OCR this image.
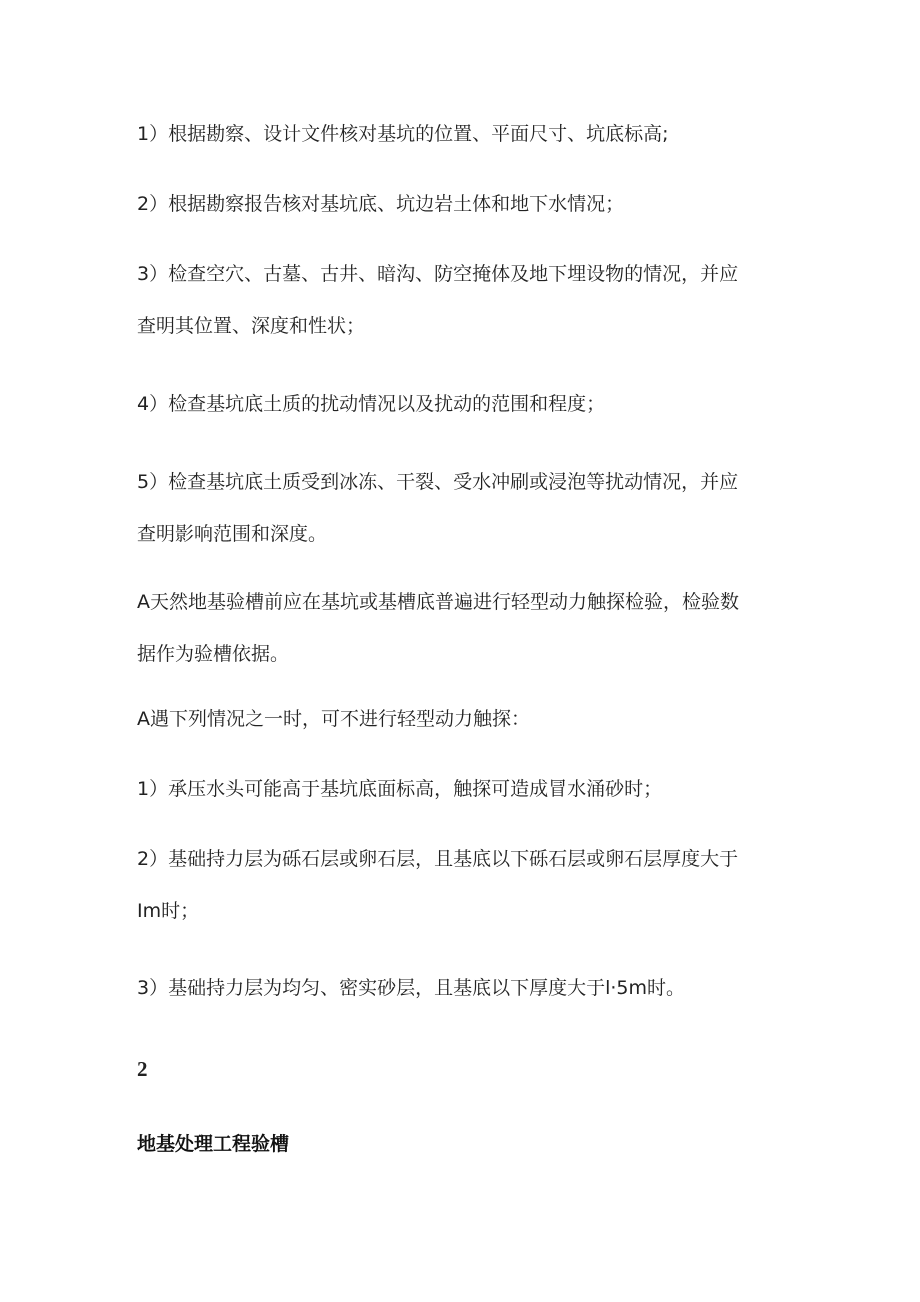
1）根据勘察、设计文件核对基坑的位置、平面尺寸、坑底标高;

2）根据勘察报告核对基坑底、坑边岩土体和地下水情况；

3）检查空穴、古墓、古井、暗沟、防空掩体及地下埋设物的情况，并应
查明其位置、深度和性状；

4）检查基坑底土质的扰动情况以及扰动的范围和程度；

5）检查基坑底土质受到冰冻、干裂、受水冲刷或浸泡等扰动情况，并应
查明影响范围和深度。

A天然地基验槽前应在基坑或基槽底普遍进行轻型动力触探检验，检验数
据作为验槽依据。

A遇下列情况之一时，可不进行轻型动力触探：

1）承压水头可能高于基坑底面标高，触探可造成冒水涌砂时；

2）基础持力层为砾石层或卵石层，且基底以下砾石层或卵石层厚度大于
Im时；

3）基础持力层为均匀、密实砂层，且基底以下厚度大于l·5m时。

2

地基处理工程验槽
